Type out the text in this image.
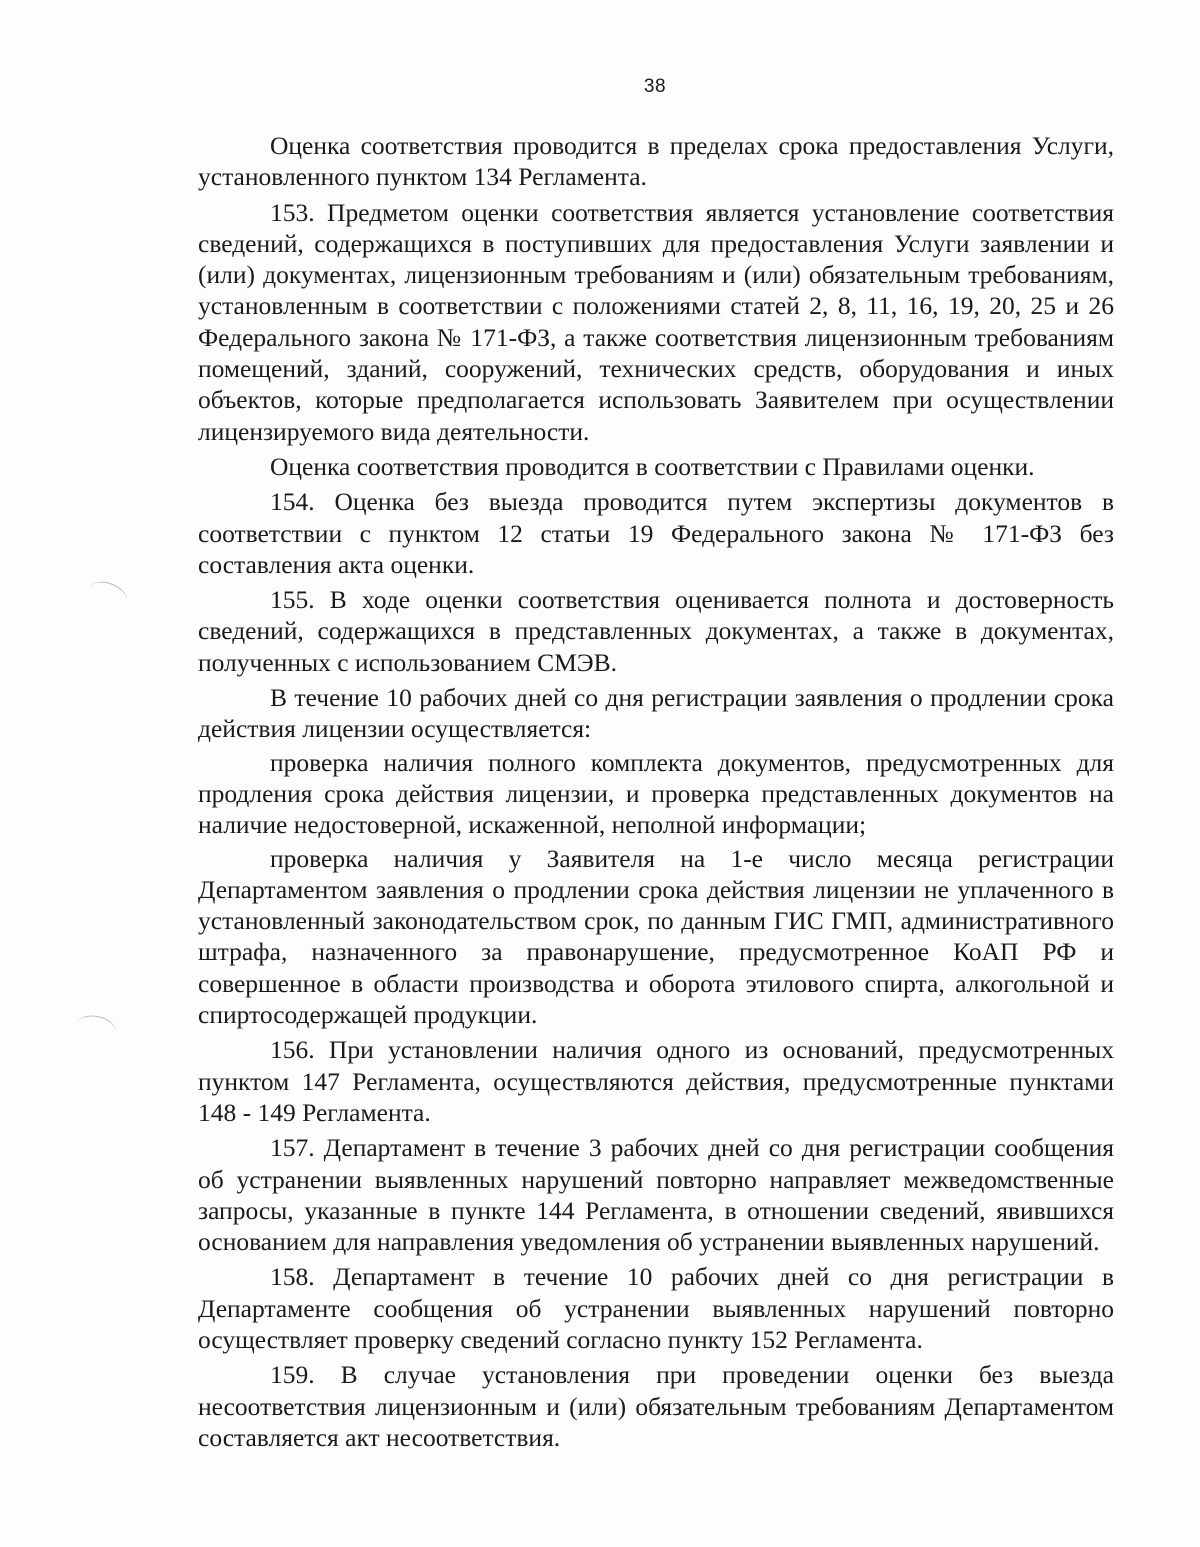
38

Оценка соответствия проводится в пределах срока предоставления Услуги, установленного пунктом 134 Регламента.

153. Предметом оценки соответствия является установление соответствия сведений, содержащихся в поступивших для предоставления Услуги заявлении и (или) документах, лицензионным требованиям и (или) обязательным требованиям, установленным в соответствии с положениями статей 2, 8, 11, 16, 19, 20, 25 и 26 Федерального закона № 171-ФЗ, а также соответствия лицензионным требованиям помещений, зданий, сооружений, технических средств, оборудования и иных объектов, которые предполагается использовать Заявителем при осуществлении лицензируемого вида деятельности.

Оценка соответствия проводится в соответствии с Правилами оценки.

154. Оценка без выезда проводится путем экспертизы документов в соответствии с пунктом 12 статьи 19 Федерального закона № 171-ФЗ без составления акта оценки.

155. В ходе оценки соответствия оценивается полнота и достоверность сведений, содержащихся в представленных документах, а также в документах, полученных с использованием СМЭВ.

В течение 10 рабочих дней со дня регистрации заявления о продлении срока действия лицензии осуществляется:

проверка наличия полного комплекта документов, предусмотренных для продления срока действия лицензии, и проверка представленных документов на наличие недостоверной, искаженной, неполной информации;

проверка наличия у Заявителя на 1-е число месяца регистрации Департаментом заявления о продлении срока действия лицензии не уплаченного в установленный законодательством срок, по данным ГИС ГМП, административного штрафа, назначенного за правонарушение, предусмотренное КоАП РФ и совершенное в области производства и оборота этилового спирта, алкогольной и спиртосодержащей продукции.

156. При установлении наличия одного из оснований, предусмотренных пунктом 147 Регламента, осуществляются действия, предусмотренные пунктами 148 - 149 Регламента.

157. Департамент в течение 3 рабочих дней со дня регистрации сообщения об устранении выявленных нарушений повторно направляет межведомственные запросы, указанные в пункте 144 Регламента, в отношении сведений, явившихся основанием для направления уведомления об устранении выявленных нарушений.

158. Департамент в течение 10 рабочих дней со дня регистрации в Департаменте сообщения об устранении выявленных нарушений повторно осуществляет проверку сведений согласно пункту 152 Регламента.

159. В случае установления при проведении оценки без выезда несоответствия лицензионным и (или) обязательным требованиям Департаментом составляется акт несоответствия.
